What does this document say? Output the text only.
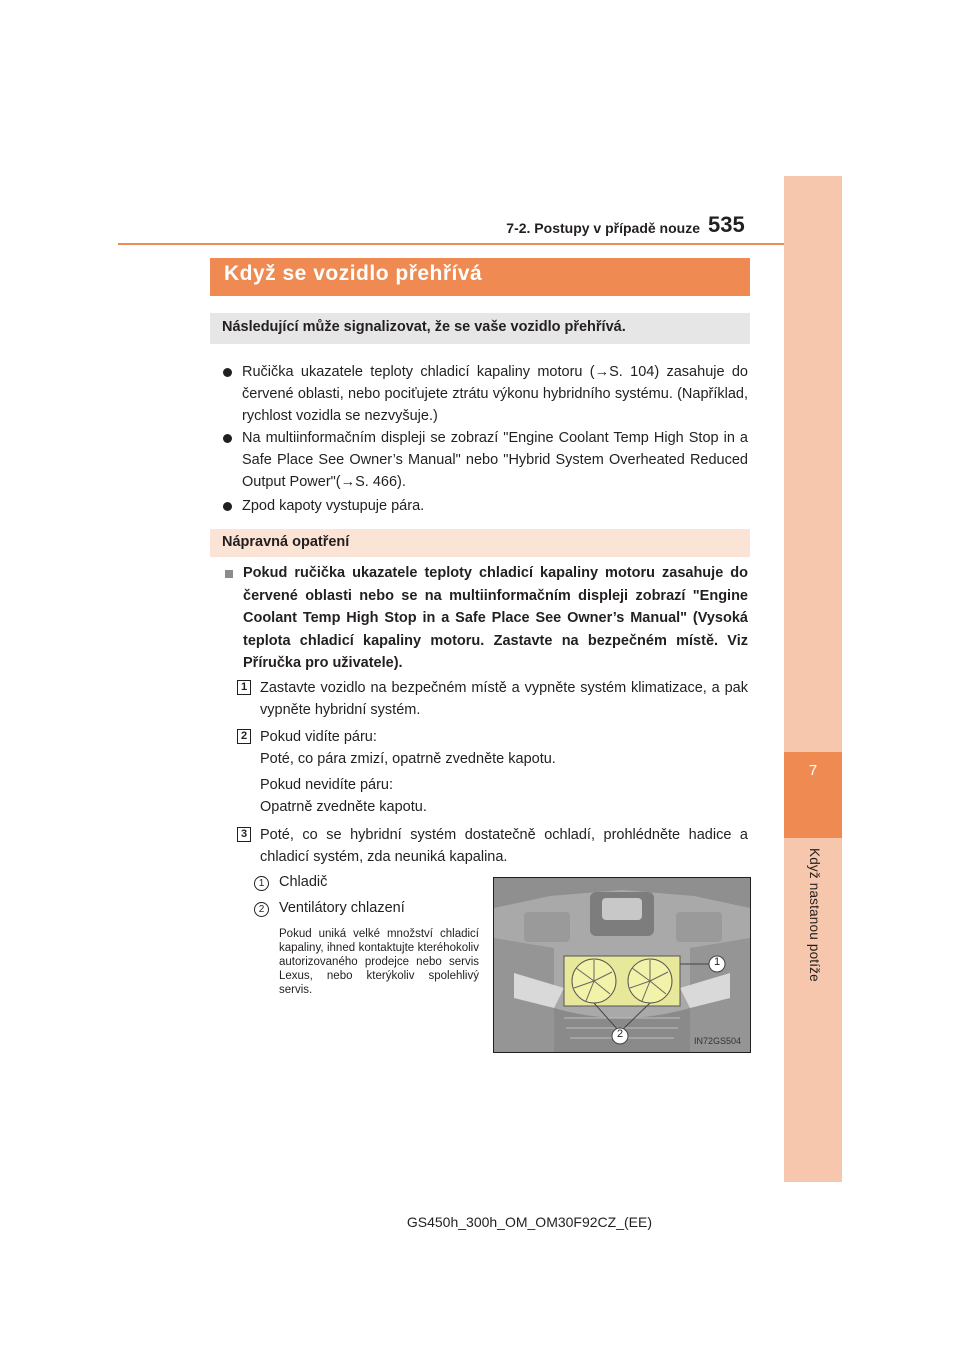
7
Když nastanou potíže
7-2. Postupy v případě nouze 535
Když se vozidlo přehřívá
Následující může signalizovat, že se vaše vozidlo přehřívá.
Ručička ukazatele teploty chladicí kapaliny motoru (→S. 104) zasahuje do červené oblasti, nebo pociťujete ztrátu výkonu hybridního systému. (Například, rychlost vozidla se nezvyšuje.)
Na multiinformačním displeji se zobrazí "Engine Coolant Temp High Stop in a Safe Place See Owner’s Manual" nebo "Hybrid System Overheated Reduced Output Power"(→S. 466).
Zpod kapoty vystupuje pára.
Nápravná opatření
Pokud ručička ukazatele teploty chladicí kapaliny motoru zasahuje do červené oblasti nebo se na multiinformačním displeji zobrazí "Engine Coolant Temp High Stop in a Safe Place See Owner’s Manual" (Vysoká teplota chladicí kapaliny motoru. Zastavte na bezpečném místě. Viz Příručka pro uživatele).
1 Zastavte vozidlo na bezpečném místě a vypněte systém klimatizace, a pak vypněte hybridní systém.
2 Pokud vidíte páru:
Poté, co pára zmizí, opatrně zvedněte kapotu.
Pokud nevidíte páru:
Opatrně zvedněte kapotu.
3 Poté, co se hybridní systém dostatečně ochladí, prohlédněte hadice a chladicí systém, zda neuniká kapalina.
1	Chladič
2	Ventilátory chlazení
Pokud uniká velké množství chladicí kapaliny, ihned kontaktujte kteréhokoliv autorizovaného prodejce nebo servis Lexus, nebo kterýkoliv spolehlivý servis.
1
2
IN72GS504
GS450h_300h_OM_OM30F92CZ_(EE)
